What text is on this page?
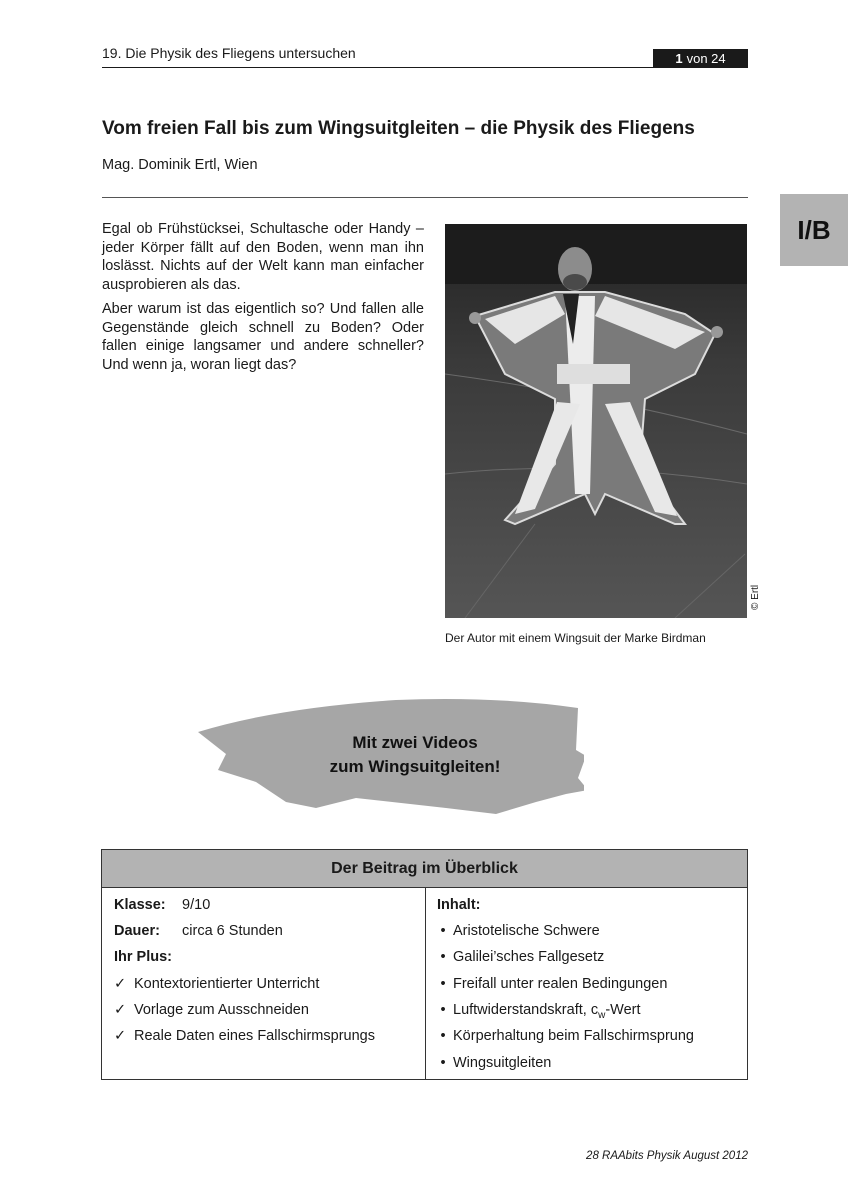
19. Die Physik des Fliegens untersuchen	1 von 24
I/B
Vom freien Fall bis zum Wingsuitgleiten – die Physik des Fliegens
Mag. Dominik Ertl, Wien

Egal ob Frühstücksei, Schultasche oder Handy – jeder Körper fällt auf den Boden, wenn man ihn loslässt. Nichts auf der Welt kann man einfacher ausprobieren als das.

Aber warum ist das eigentlich so? Und fallen alle Gegenstände gleich schnell zu Boden? Oder fallen einige langsamer und andere schneller? Und wenn ja, woran liegt das?

© Ertl
Der Autor mit einem Wingsuit der Marke Birdman
Mit zwei Videos
zum Wingsuitgleiten!
Der Beitrag im Überblick
Klasse: 9/10
Dauer: circa 6 Stunden
Ihr Plus:
✓ Kontextorientierter Unterricht
✓ Vorlage zum Ausschneiden
✓ Reale Daten eines Fallschirmsprungs
Inhalt:
• Aristotelische Schwere
• Galilei’sches Fallgesetz
• Freifall unter realen Bedingungen
• Luftwiderstandskraft, $c_w$-Wert
• Körperhaltung beim Fallschirmsprung
• Wingsuitgleiten
28 RAAbits Physik August 2012
